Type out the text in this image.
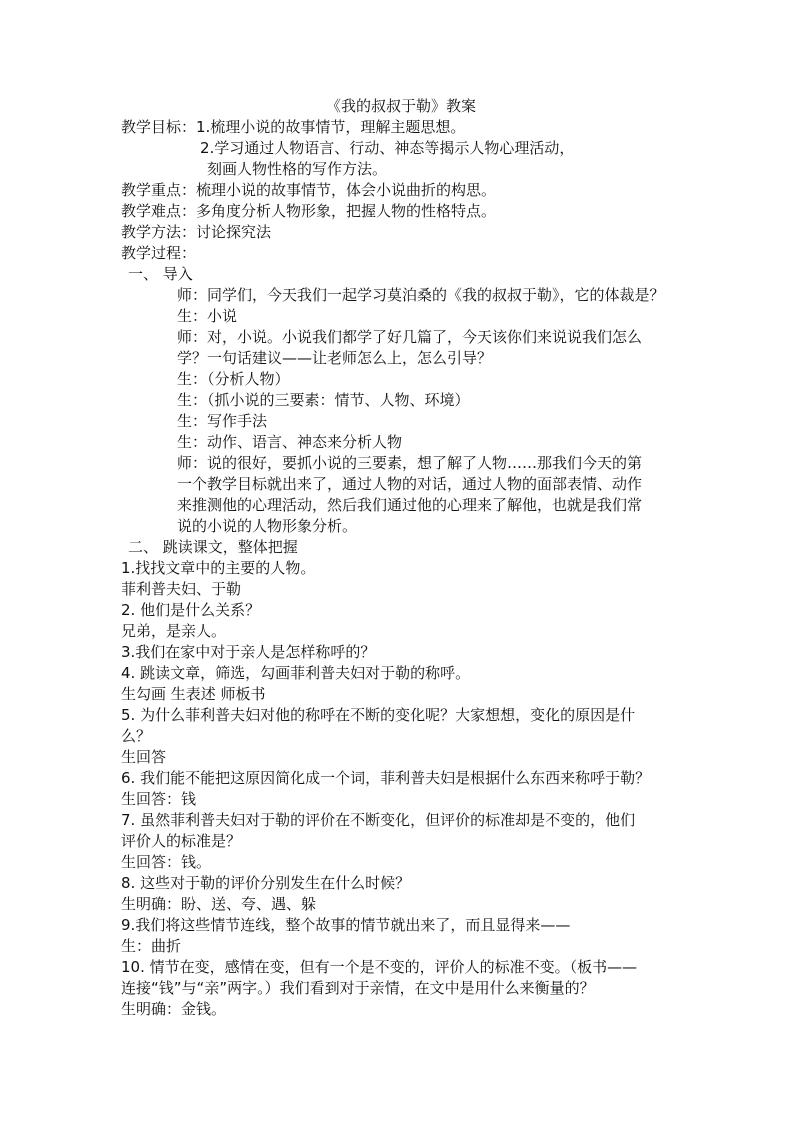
《我的叔叔于勒》教案
教学目标：1.梳理小说的故事情节，理解主题思想。
2.学习通过人物语言、行动、神态等揭示人物心理活动，
刻画人物性格的写作方法。
教学重点：梳理小说的故事情节，体会小说曲折的构思。
教学难点：多角度分析人物形象，把握人物的性格特点。
教学方法：讨论探究法
教学过程：
一、 导入
师：同学们，今天我们一起学习莫泊桑的《我的叔叔于勒》，它的体裁是？
生：小说
师：对，小说。小说我们都学了好几篇了，今天该你们来说说我们怎么
学？一句话建议——让老师怎么上，怎么引导？
生：（分析人物）
生：（抓小说的三要素：情节、人物、环境）
生：写作手法
生：动作、语言、神态来分析人物
师：说的很好，要抓小说的三要素，想了解了人物……那我们今天的第
一个教学目标就出来了，通过人物的对话，通过人物的面部表情、动作
来推测他的心理活动，然后我们通过他的心理来了解他，也就是我们常
说的小说的人物形象分析。
二、 跳读课文，整体把握
1.找找文章中的主要的人物。
菲利普夫妇、于勒
2. 他们是什么关系？
兄弟，是亲人。
3.我们在家中对于亲人是怎样称呼的？
4. 跳读文章，筛选，勾画菲利普夫妇对于勒的称呼。
生勾画 生表述 师板书
5. 为什么菲利普夫妇对他的称呼在不断的变化呢？大家想想，变化的原因是什
么？
生回答
6. 我们能不能把这原因简化成一个词，菲利普夫妇是根据什么东西来称呼于勒？
生回答：钱
7. 虽然菲利普夫妇对于勒的评价在不断变化，但评价的标准却是不变的，他们
评价人的标准是？
生回答：钱。
8. 这些对于勒的评价分别发生在什么时候？
生明确：盼、送、夸、遇、躲
9.我们将这些情节连线，整个故事的情节就出来了，而且显得来——
生：曲折
10. 情节在变，感情在变，但有一个是不变的，评价人的标准不变。（板书——
连接“钱”与“亲”两字。）我们看到对于亲情，在文中是用什么来衡量的？
生明确：金钱。
